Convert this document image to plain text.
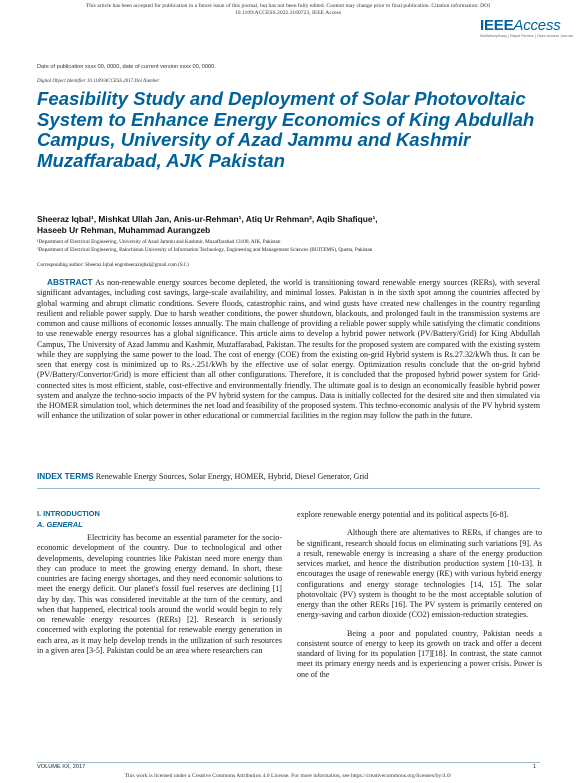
This article has been accepted for publication in a future issue of this journal, but has not been fully edited. Content may change prior to final publication. Citation information: DOI
10.1109/ACCESS.2022.3160723, IEEE Access
IEEEAccess
Multidisciplinary | Rapid Review | Open Access Journal
Date of publication xxxx 00, 0000, date of current version xxxx 00, 0000.
Digital Object Identifier 10.1109/ACCESS.2017.Doi Number
Feasibility Study and Deployment of Solar Photovoltaic System to Enhance Energy Economics of King Abdullah Campus, University of Azad Jammu and Kashmir Muzaffarabad, AJK Pakistan
Sheeraz Iqbal¹, Mishkat Ullah Jan, Anis-ur-Rehman¹, Atiq Ur Rehman², Aqib Shafique¹,
Haseeb Ur Rehman, Muhammad Aurangzeb
¹Department of Electrical Engineering, University of Azad Jammu and Kashmir, Muzaffarabad 13100, AJK, Pakistan
²Department of Electrical Engineering, Balochistan University of Information Technology, Engineering and Management Sciences (BUITEMS), Quetta, Pakistan
Corresponding author: Sheeraz Iqbal engrsheeraziqbal@gmail.com (S.I.)
ABSTRACT As non-renewable energy sources become depleted, the world is transitioning toward renewable energy sources (RERs), with several significant advantages, including cost savings, large-scale availability, and minimal losses. Pakistan is in the sixth spot among the countries affected by global warming and abrupt climatic conditions. Severe floods, catastrophic rains, and wind gusts have created new challenges in the country regarding resilient and reliable power supply. Due to harsh weather conditions, the power shutdown, blackouts, and prolonged fault in the transmission systems are common and cause millions of economic losses annually. The main challenge of providing a reliable power supply while satisfying the climatic conditions to use renewable energy resources has a global significance. This article aims to develop a hybrid power network (PV/Battery/Grid) for King Abdullah Campus, The University of Azad Jammu and Kashmir, Muzaffarabad, Pakistan. The results for the proposed system are compared with the existing system while they are supplying the same power to the load. The cost of energy (COE) from the existing on-grid Hybrid system is Rs.27.32/kWh thus. It can be seen that energy cost is minimized up to Rs.-.251/kWh by the effective use of solar energy. Optimization results conclude that the on-grid hybrid (PV/Battery/Convertor/Grid) is more efficient than all other configurations. Therefore, it is concluded that the proposed hybrid power system for Grid-connected sites is most efficient, stable, cost-effective and environmentally friendly. The ultimate goal is to design an economically feasible hybrid power system and analyze the techno-socio impacts of the PV hybrid system for the campus. Data is initially collected for the desired site and then simulated via the HOMER simulation tool, which determines the net load and feasibility of the proposed system. This techno-economic analysis of the PV hybrid system will enhance the utilization of solar power in other educational or commercial facilities in the region may follow the path in the future.
INDEX TERMS Renewable Energy Sources, Solar Energy, HOMER, Hybrid, Diesel Generator, Grid
I. INTRODUCTION
A. GENERAL

Electricity has become an essential parameter for the socio-economic development of the country. Due to technological and other developments, developing countries like Pakistan need more energy than they can produce to meet the growing energy demand. In short, these countries are facing energy shortages, and they need economic solutions to meet the energy deficit. Our planet's fossil fuel reserves are declining [1] day by day. This was considered inevitable at the turn of the century, and when that happened, electrical tools around the world would begin to rely on renewable energy resources (RERs) [2]. Research is seriously concerned with exploring the potential for renewable energy generation in each area, as it may help develop trends in the utilization of such resources in a given area [3-5]. Pakistan could be an area where researchers can

explore renewable energy potential and its political aspects [6-8].

Although there are alternatives to RERs, if changes are to be significant, research should focus on eliminating such variations [9]. As a result, renewable energy is increasing a share of the energy production services market, and hence the distribution production system [10-13]. It encourages the usage of renewable energy (RE) with various hybrid energy configurations and energy storage technologies [14, 15]. The solar photovoltaic (PV) system is thought to be the most acceptable solution of energy than the other RERs [16]. The PV system is primarily centered on energy-saving and carbon dioxide (CO2) emission-reduction strategies.

Being a poor and populated country, Pakistan needs a consistent source of energy to keep its growth on track and offer a decent standard of living for its population [17][18]. In contrast, the state cannot meet its primary energy needs and is experiencing a power crisis. Power is one of the

VOLUME XX, 2017	1
This work is licensed under a Creative Commons Attribution 4.0 License. For more information, see https://creativecommons.org/licenses/by/4.0/
